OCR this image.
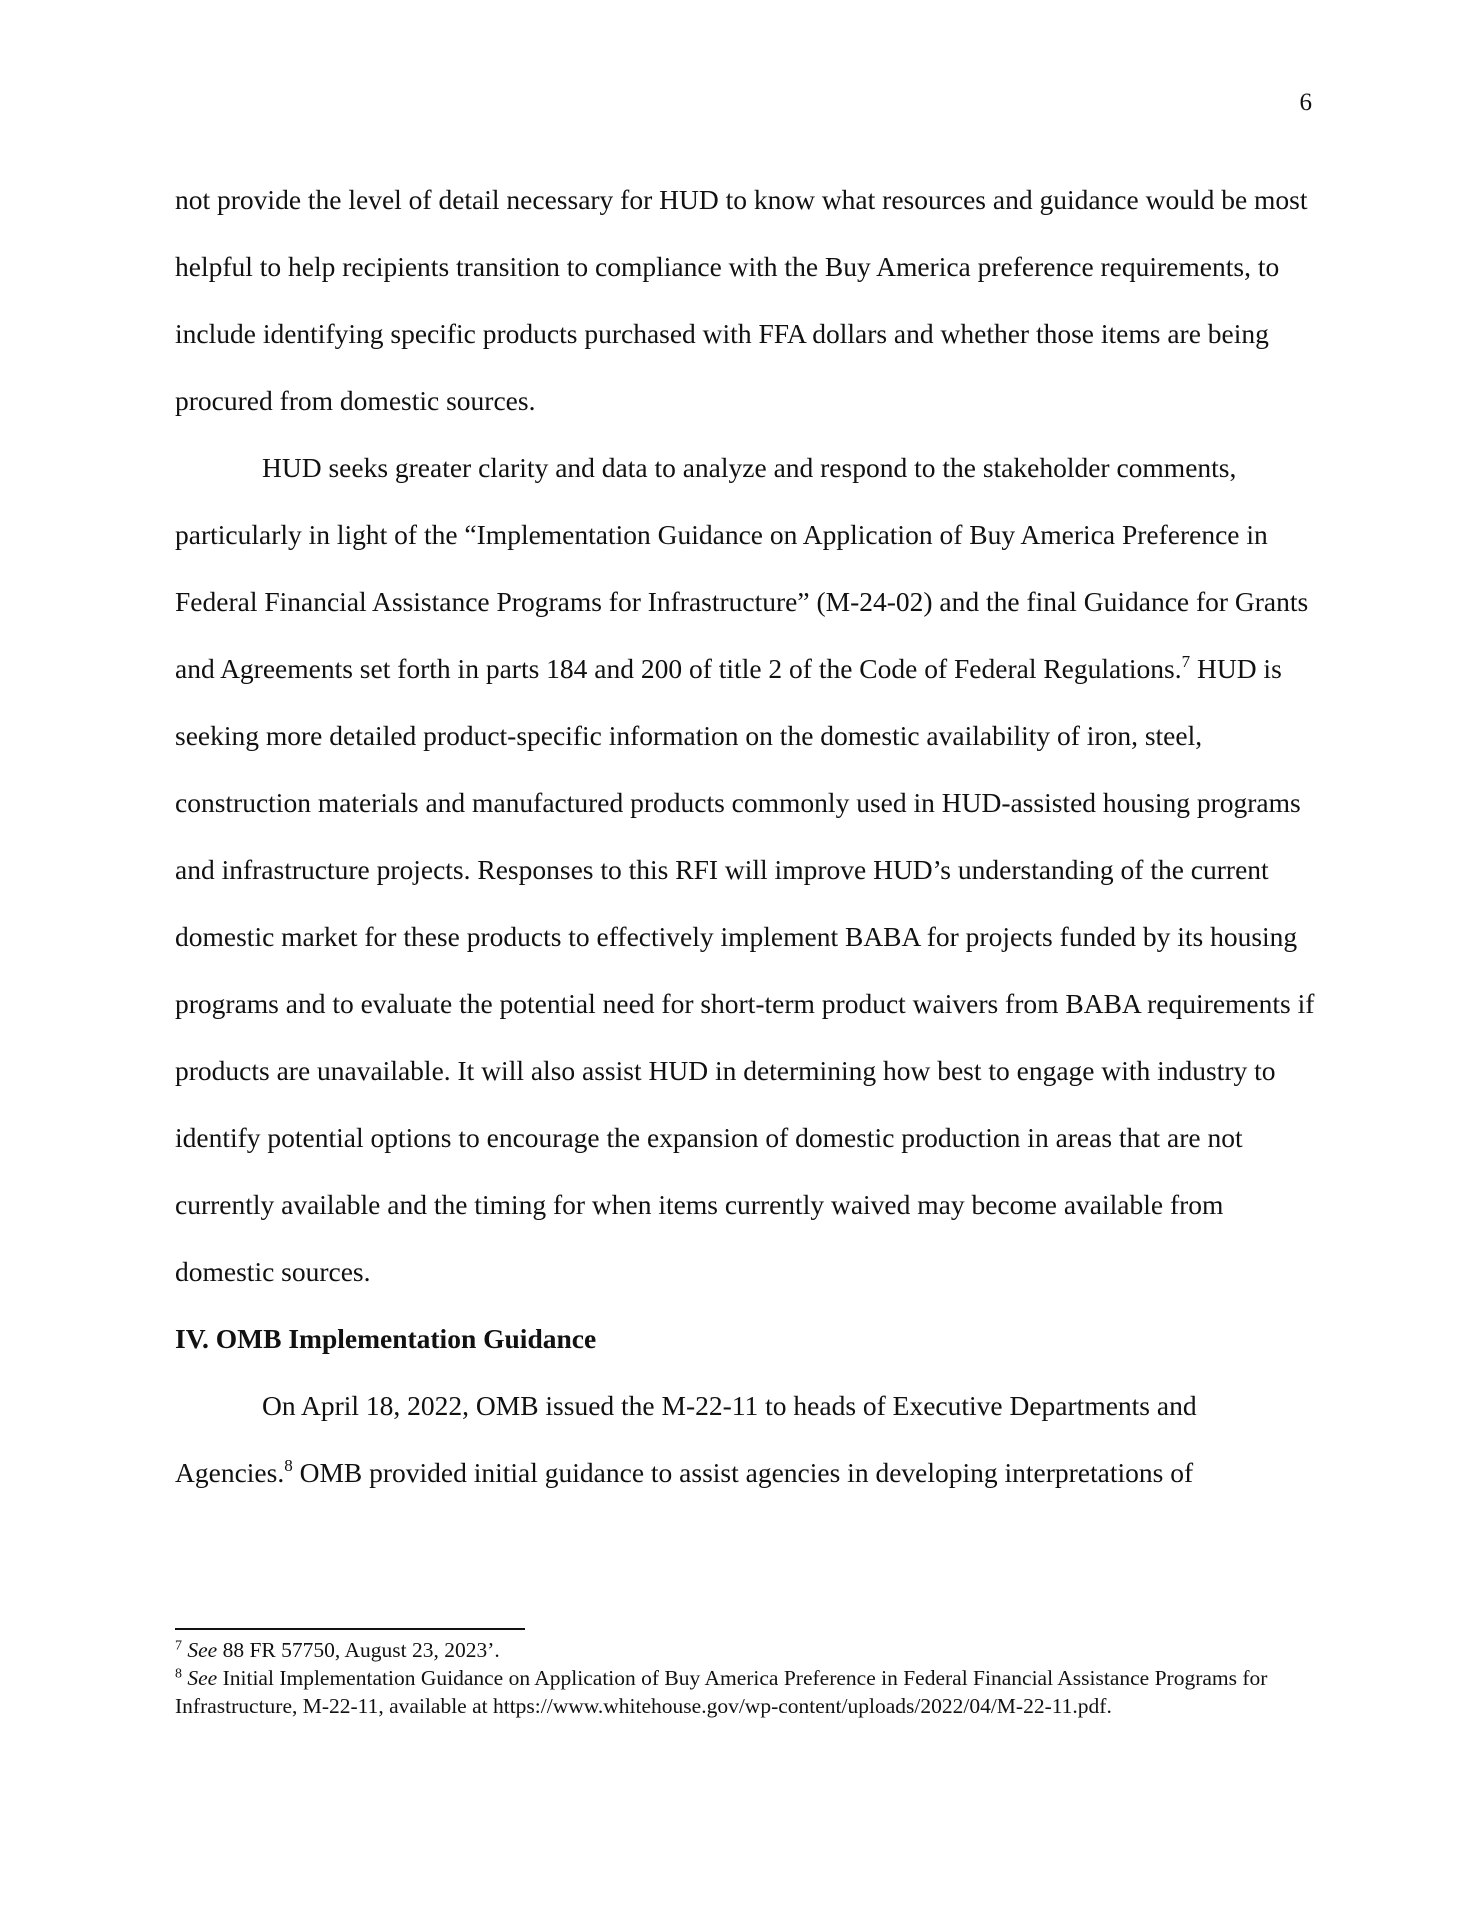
6

not provide the level of detail necessary for HUD to know what resources and guidance would be most helpful to help recipients transition to compliance with the Buy America preference requirements, to include identifying specific products purchased with FFA dollars and whether those items are being procured from domestic sources.

HUD seeks greater clarity and data to analyze and respond to the stakeholder comments, particularly in light of the “Implementation Guidance on Application of Buy America Preference in Federal Financial Assistance Programs for Infrastructure” (M-24-02) and the final Guidance for Grants and Agreements set forth in parts 184 and 200 of title 2 of the Code of Federal Regulations.$^7$ HUD is seeking more detailed product-specific information on the domestic availability of iron, steel, construction materials and manufactured products commonly used in HUD-assisted housing programs and infrastructure projects. Responses to this RFI will improve HUD’s understanding of the current domestic market for these products to effectively implement BABA for projects funded by its housing programs and to evaluate the potential need for short-term product waivers from BABA requirements if products are unavailable. It will also assist HUD in determining how best to engage with industry to identify potential options to encourage the expansion of domestic production in areas that are not currently available and the timing for when items currently waived may become available from domestic sources.

IV. OMB Implementation Guidance

On April 18, 2022, OMB issued the M-22-11 to heads of Executive Departments and Agencies.$^8$ OMB provided initial guidance to assist agencies in developing interpretations of

$^7$ See 88 FR 57750, August 23, 2023’.

$^8$ See Initial Implementation Guidance on Application of Buy America Preference in Federal Financial Assistance Programs for Infrastructure, M-22-11, available at https://www.whitehouse.gov/wp-content/uploads/2022/04/M-22-11.pdf.
